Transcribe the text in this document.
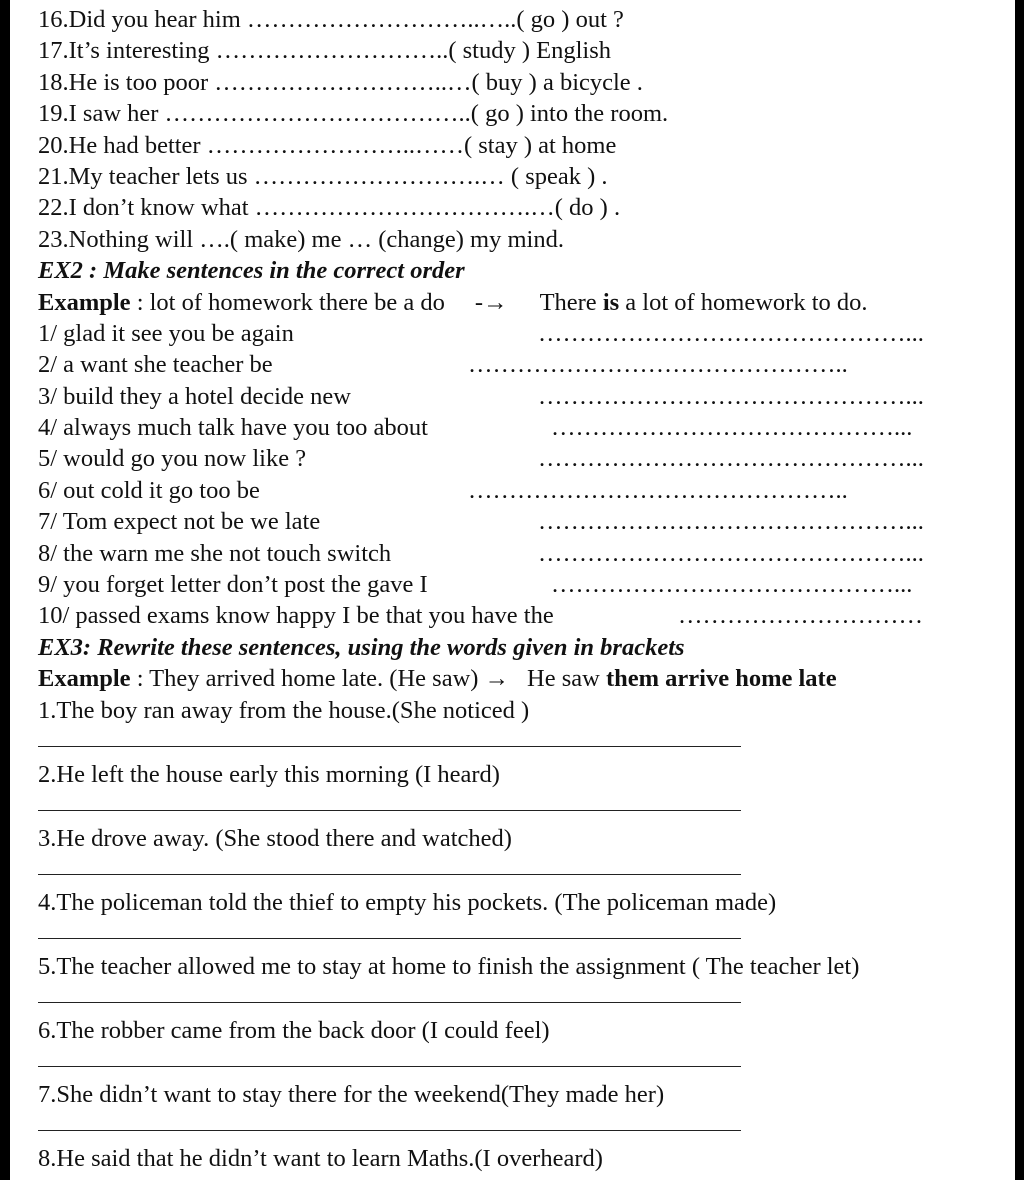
16.Did you hear him ………………………..…..( go ) out ?
17.It’s interesting ………………………..( study ) English
18.He is too poor ………………………..…( buy ) a bicycle .
19.I saw her ………………………………..( go ) into the room.
20.He had better ……………………..……( stay ) at home
21.My teacher lets us ……………………….… ( speak ) .
22.I don’t know what …………………………….…( do ) .
23.Nothing will ….( make) me … (change) my mind.
EX2 : Make sentences in the correct order
Example : lot of homework there be a do -→ There is a lot of homework to do.
1/ glad it see you be again	………………………………………...
2/ a want she teacher be	………………………………………..
3/ build they a hotel decide new	………………………………………...
4/ always much talk have you too about	……………………………………...
5/ would go you now like ?	………………………………………...
6/ out cold it go too be	………………………………………..
7/ Tom expect not be we late	………………………………………...
8/ the warn me she not touch switch	………………………………………...
9/ you forget letter don’t post the gave I	……………………………………...
10/ passed exams know happy I be that you have the	…………………………
EX3: Rewrite these sentences, using the words given in brackets
Example : They arrived home late. (He saw) → He saw them arrive home late
1.The boy ran away from the house.(She noticed )
2.He left the house early this morning (I heard)
3.He drove away. (She stood there and watched)
4.The policeman told the thief to empty his pockets. (The policeman made)
5.The teacher allowed me to stay at home to finish the assignment ( The teacher let)
6.The robber came from the back door (I could feel)
7.She didn’t want to stay there for the weekend(They made her)
8.He said that he didn’t want to learn Maths.(I overheard)
